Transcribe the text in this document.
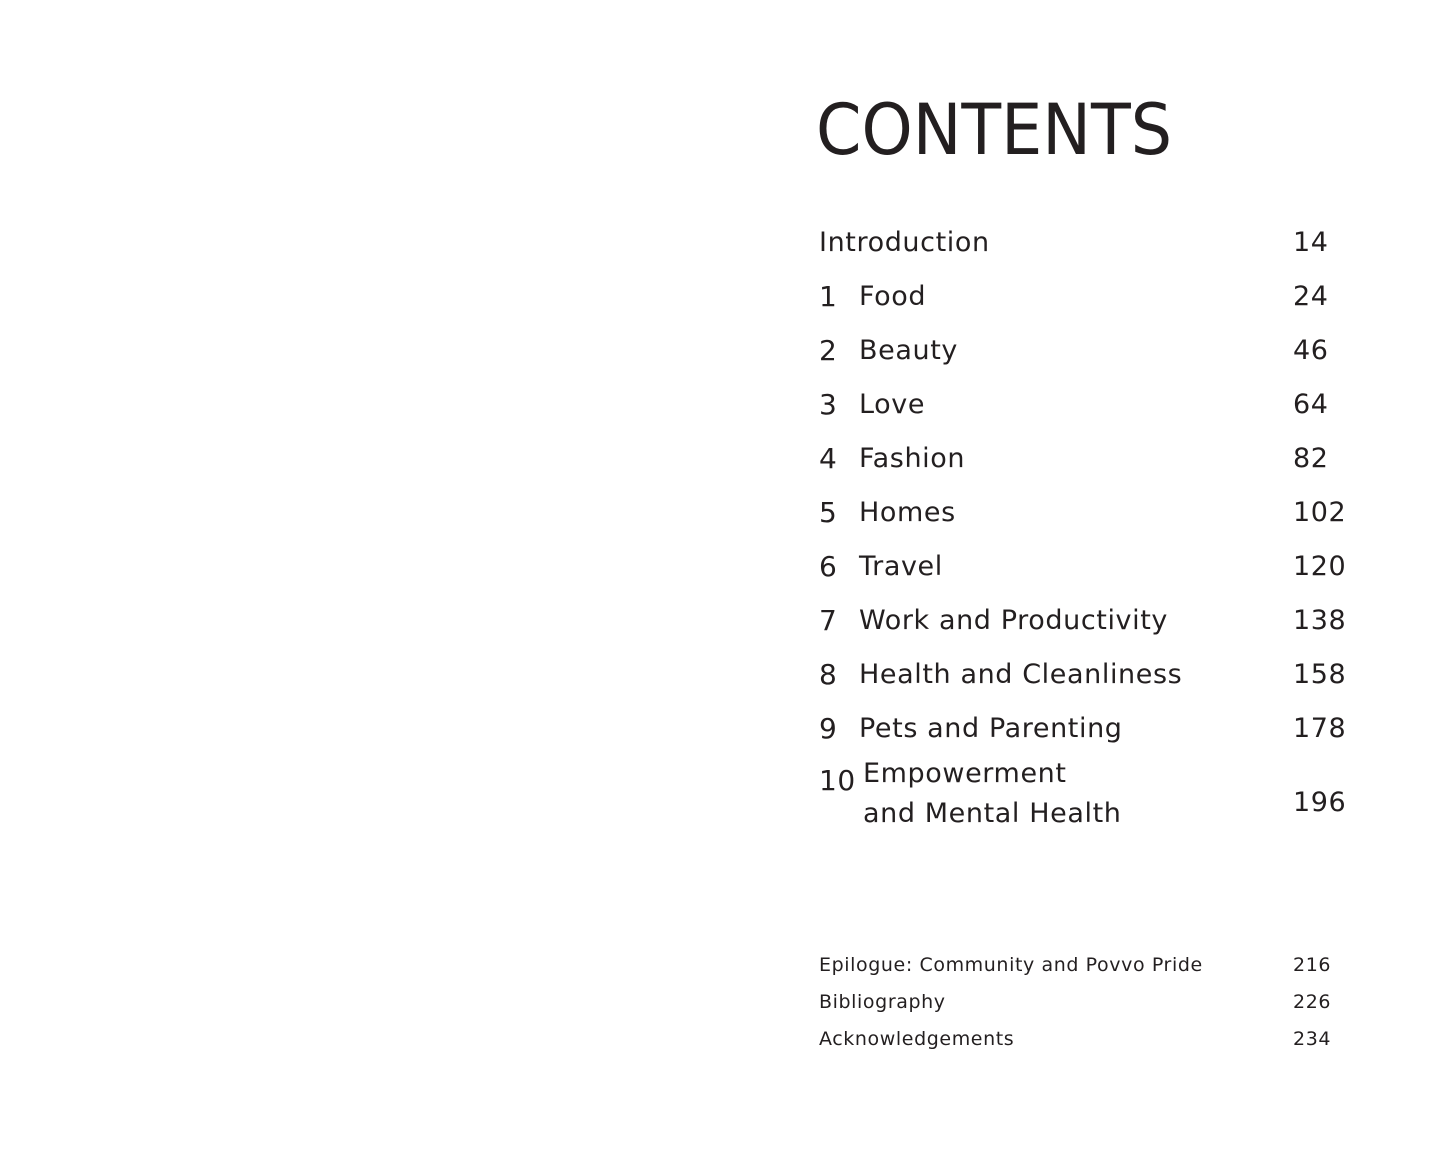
CONTENTS
Introduction	14
1 Food	24
2 Beauty	46
3 Love	64
4 Fashion	82
5 Homes	102
6 Travel	120
7 Work and Productivity	138
8 Health and Cleanliness	158
9 Pets and Parenting	178
10 Empowerment
and Mental Health	196
Epilogue: Community and Povvo Pride	216
Bibliography	226
Acknowledgements	234
